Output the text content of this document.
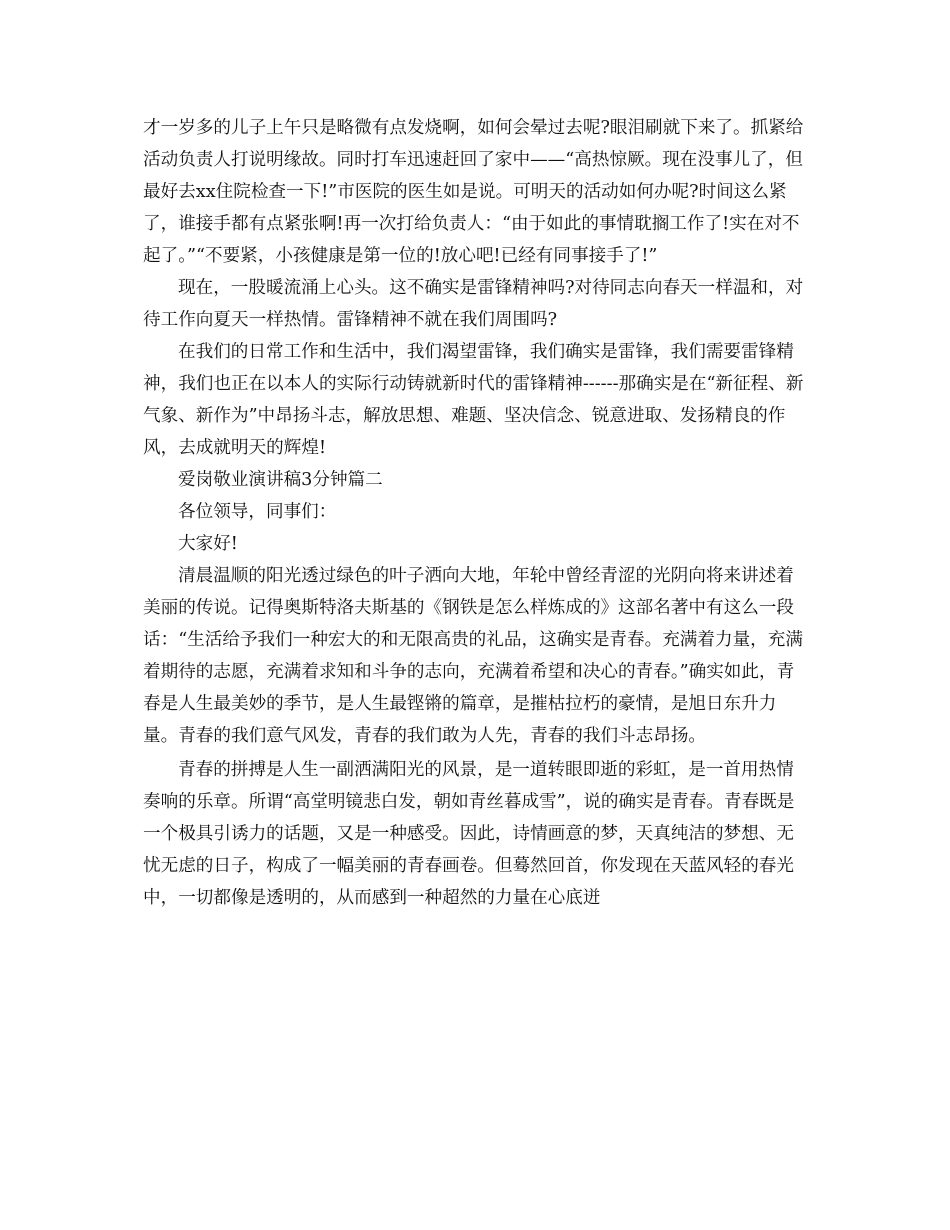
才一岁多的儿子上午只是略微有点发烧啊，如何会晕过去呢?眼泪刷就下来了。抓紧给活动负责人打说明缘故。同时打车迅速赶回了家中——“高热惊厥。现在没事儿了，但最好去xx住院检查一下!”市医院的医生如是说。可明天的活动如何办呢?时间这么紧了，谁接手都有点紧张啊!再一次打给负责人：“由于如此的事情耽搁工作了!实在对不起了。”“不要紧，小孩健康是第一位的!放心吧!已经有同事接手了!”

现在，一股暖流涌上心头。这不确实是雷锋精神吗?对待同志向春天一样温和，对待工作向夏天一样热情。雷锋精神不就在我们周围吗?

在我们的日常工作和生活中，我们渴望雷锋，我们确实是雷锋，我们需要雷锋精神，我们也正在以本人的实际行动铸就新时代的雷锋精神------那确实是在“新征程、新气象、新作为”中昂扬斗志，解放思想、难题、坚决信念、锐意进取、发扬精良的作风，去成就明天的辉煌!

爱岗敬业演讲稿3分钟篇二

各位领导，同事们：

大家好!

清晨温顺的阳光透过绿色的叶子洒向大地，年轮中曾经青涩的光阴向将来讲述着美丽的传说。记得奥斯特洛夫斯基的《钢铁是怎么样炼成的》这部名著中有这么一段话：“生活给予我们一种宏大的和无限高贵的礼品，这确实是青春。充满着力量，充满着期待的志愿，充满着求知和斗争的志向，充满着希望和决心的青春。”确实如此，青春是人生最美妙的季节，是人生最铿锵的篇章，是摧枯拉朽的豪情，是旭日东升力量。青春的我们意气风发，青春的我们敢为人先，青春的我们斗志昂扬。

青春的拼搏是人生一副洒满阳光的风景，是一道转眼即逝的彩虹，是一首用热情奏响的乐章。所谓“高堂明镜悲白发，朝如青丝暮成雪”，说的确实是青春。青春既是一个极具引诱力的话题，又是一种感受。因此，诗情画意的梦，天真纯洁的梦想、无忧无虑的日子，构成了一幅美丽的青春画卷。但蓦然回首，你发现在天蓝风轻的春光中，一切都像是透明的，从而感到一种超然的力量在心底迸
